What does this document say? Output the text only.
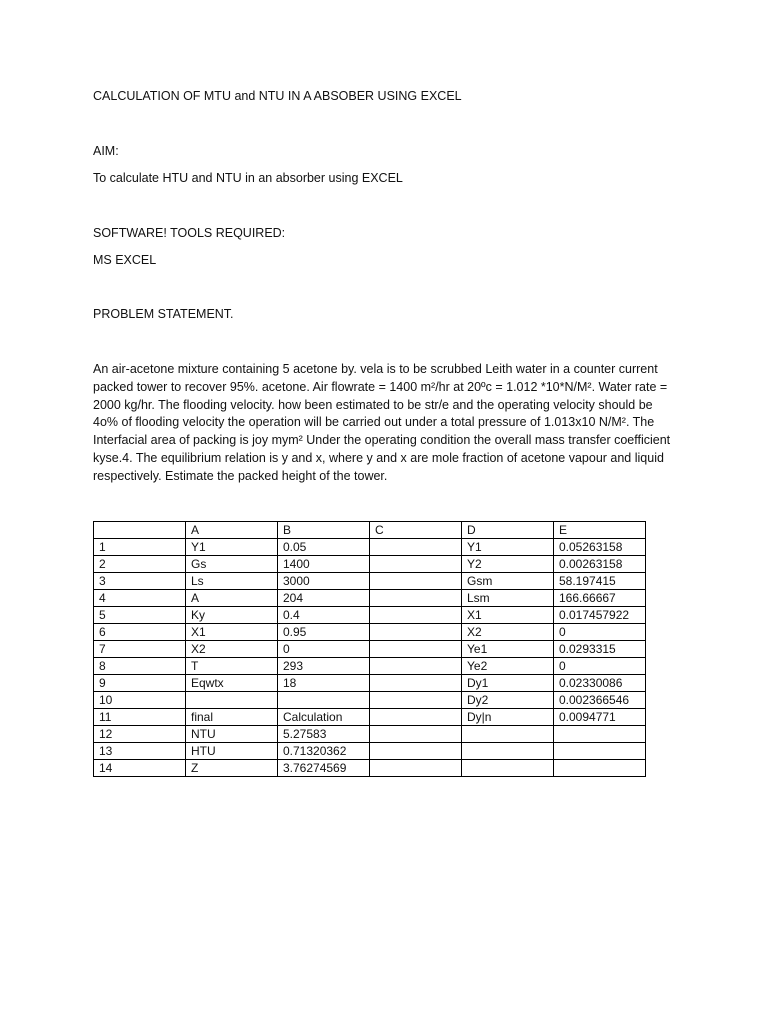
CALCULATION OF MTU and NTU IN A ABSOBER USING EXCEL
AIM:
To calculate HTU and NTU in an absorber using EXCEL
SOFTWARE! TOOLS REQUIRED:
MS EXCEL
PROBLEM STATEMENT.
An air-acetone mixture containing 5 acetone by. vela is to be scrubbed Leith water in a counter current packed tower to recover 95%. acetone. Air flowrate = 1400 m²/hr at 20ºc = 1.012 *10*N/M². Water rate = 2000 kg/hr. The flooding velocity. how been estimated to be str/e and the operating velocity should be 4o% of flooding velocity the operation will be carried out under a total pressure of 1.013x10 N/M². The Interfacial area of packing is joy mym² Under the operating condition the overall mass transfer coefficient kyse.4. The equilibrium relation is y and x, where y and x are mole fraction of acetone vapour and liquid respectively. Estimate the packed height of the tower.
	A	B	C	D	E
1	Y1	0.05		Y1	0.05263158
2	Gs	1400		Y2	0.00263158
3	Ls	3000		Gsm	58.197415
4	A	204		Lsm	166.66667
5	Ky	0.4		X1	0.017457922
6	X1	0.95		X2	0
7	X2	0		Ye1	0.0293315
8	T	293		Ye2	0
9	Eqwtx	18		Dy1	0.02330086
10				Dy2	0.002366546
11	final	Calculation		Dy|n	0.0094771
12	NTU	5.27583			
13	HTU	0.71320362			
14	Z	3.76274569			
